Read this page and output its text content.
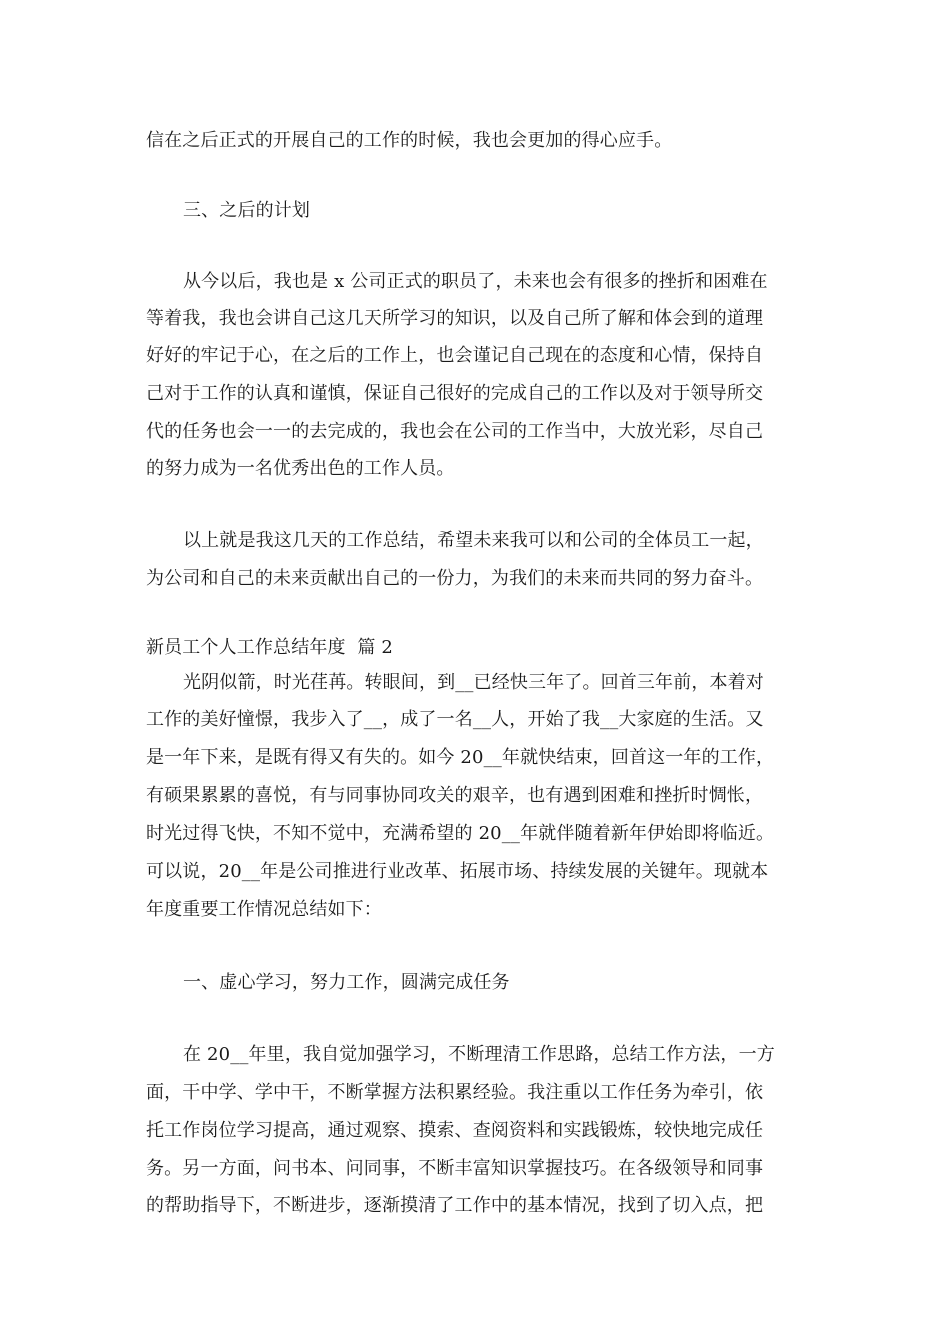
信在之后正式的开展自己的工作的时候，我也会更加的得心应手。
三、之后的计划
从今以后，我也是 x 公司正式的职员了，未来也会有很多的挫折和困难在
等着我，我也会讲自己这几天所学习的知识，以及自己所了解和体会到的道理
好好的牢记于心，在之后的工作上，也会谨记自己现在的态度和心情，保持自
己对于工作的认真和谨慎，保证自己很好的完成自己的工作以及对于领导所交
代的任务也会一一的去完成的，我也会在公司的工作当中，大放光彩，尽自己
的努力成为一名优秀出色的工作人员。
以上就是我这几天的工作总结，希望未来我可以和公司的全体员工一起，
为公司和自己的未来贡献出自己的一份力，为我们的未来而共同的努力奋斗。
新员工个人工作总结年度  篇 2
光阴似箭，时光荏苒。转眼间，到__已经快三年了。回首三年前，本着对
工作的美好憧憬，我步入了__，成了一名__人，开始了我__大家庭的生活。又
是一年下来，是既有得又有失的。如今 20__年就快结束，回首这一年的工作，
有硕果累累的喜悦，有与同事协同攻关的艰辛，也有遇到困难和挫折时惆怅，
时光过得飞快，不知不觉中，充满希望的 20__年就伴随着新年伊始即将临近。
可以说，20__年是公司推进行业改革、拓展市场、持续发展的关键年。现就本
年度重要工作情况总结如下：
一、虚心学习，努力工作，圆满完成任务
在 20__年里，我自觉加强学习，不断理清工作思路，总结工作方法，一方
面，干中学、学中干，不断掌握方法积累经验。我注重以工作任务为牵引，依
托工作岗位学习提高，通过观察、摸索、查阅资料和实践锻炼，较快地完成任
务。另一方面，问书本、问同事，不断丰富知识掌握技巧。在各级领导和同事
的帮助指导下，不断进步，逐渐摸清了工作中的基本情况，找到了切入点，把
